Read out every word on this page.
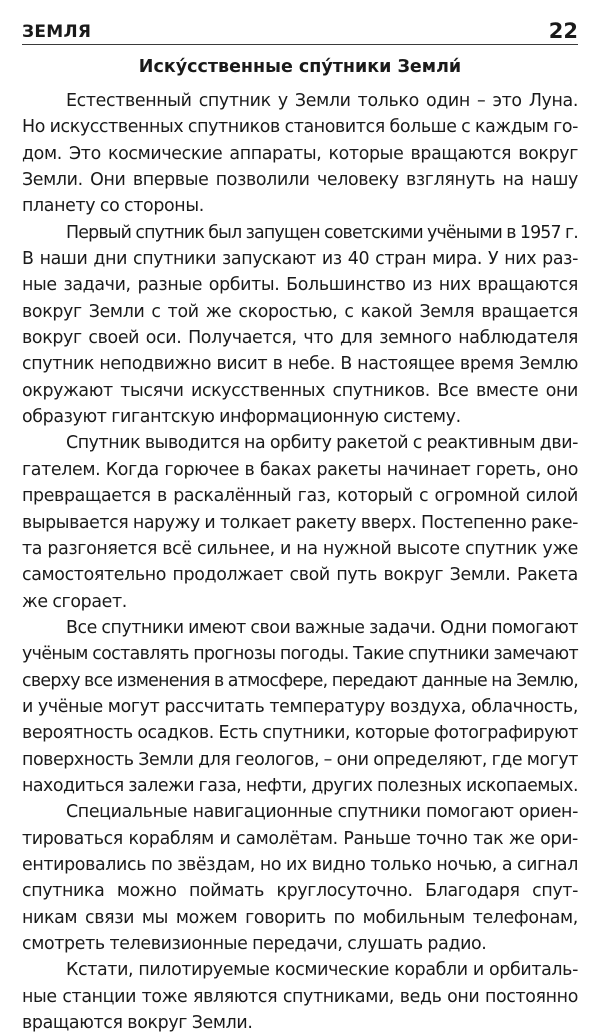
ЗЕМЛЯ	22
Иску́сственные спу́тники Земли́
Естественный спутник у Земли только один – это Луна.
Но искусственных спутников становится больше с каждым го-
дом. Это космические аппараты, которые вращаются вокруг
Земли. Они впервые позволили человеку взглянуть на нашу
планету со стороны.
Первый спутник был запущен советскими учёными в 1957 г.
В наши дни спутники запускают из 40 стран мира. У них раз-
ные задачи, разные орбиты. Большинство из них вращаются
вокруг Земли с той же скоростью, с какой Земля вращается
вокруг своей оси. Получается, что для земного наблюдателя
спутник неподвижно висит в небе. В настоящее время Землю
окружают тысячи искусственных спутников. Все вместе они
образуют гигантскую информационную систему.
Спутник выводится на орбиту ракетой с реактивным дви-
гателем. Когда горючее в баках ракеты начинает гореть, оно
превращается в раскалённый газ, который с огромной силой
вырывается наружу и толкает ракету вверх. Постепенно раке-
та разгоняется всё сильнее, и на нужной высоте спутник уже
самостоятельно продолжает свой путь вокруг Земли. Ракета
же сгорает.
Все спутники имеют свои важные задачи. Одни помогают
учёным составлять прогнозы погоды. Такие спутники замечают
сверху все изменения в атмосфере, передают данные на Землю,
и учёные могут рассчитать температуру воздуха, облачность,
вероятность осадков. Есть спутники, которые фотографируют
поверхность Земли для геологов, – они определяют, где могут
находиться залежи газа, нефти, других полезных ископаемых.
Специальные навигационные спутники помогают ориен-
тироваться кораблям и самолётам. Раньше точно так же ори-
ентировались по звёздам, но их видно только ночью, а сигнал
спутника можно поймать круглосуточно. Благодаря спут-
никам связи мы можем говорить по мобильным телефонам,
смотреть телевизионные передачи, слушать радио.
Кстати, пилотируемые космические корабли и орбиталь-
ные станции тоже являются спутниками, ведь они постоянно
вращаются вокруг Земли.
